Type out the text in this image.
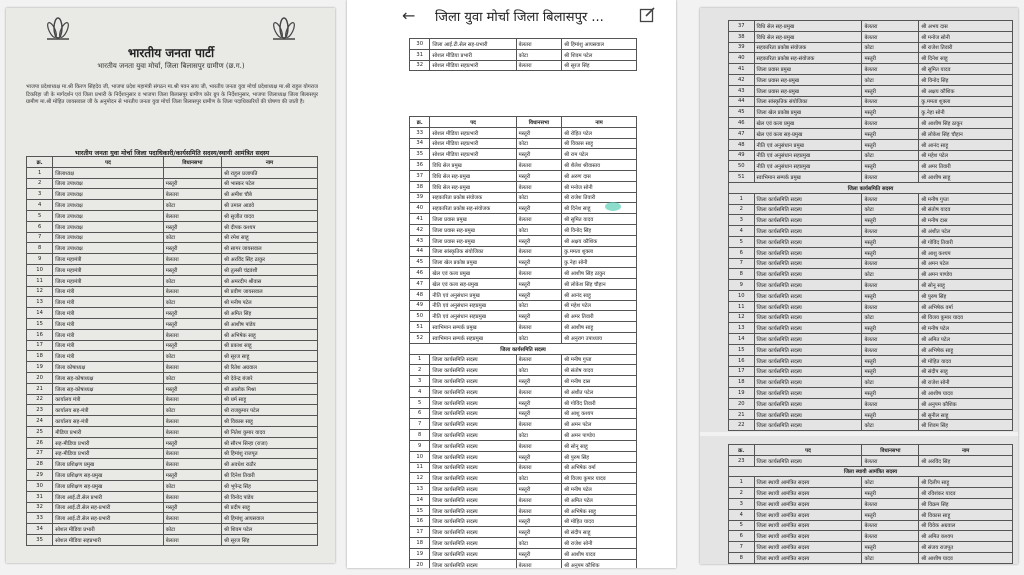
भारतीय जनता पार्टी
भारतीय जनता युवा मोर्चा, जिला बिलासपुर ग्रामीण (छ.ग.)
भाजपा प्रदेशाध्यक्ष मा.श्री किरण सिंहदेव जी, भाजपा प्रदेश महामंत्री संगठन मा.श्री पवन साय जी, भारतीय जनता युवा मोर्चा प्रदेशाध्यक्ष मा.श्री राहुल योगराज टिकरिहा जी के मार्गदर्शन एवं जिला प्रभारी के निर्देशानुसार व भाजपा जिला बिलासपुर ग्रामीण कोर ग्रुप के निर्देशानुसार, भाजपा जिलाध्यक्ष जिला बिलासपुर ग्रामीण मा.श्री मोहित जायसवाल जी के अनुमोदन से भारतीय जनता युवा मोर्चा जिला बिलासपुर ग्रामीण के जिला पदाधिकारियों की घोषणा की जाती है।
भारतीय जनता युवा मोर्चा जिला पदाधिकारी/कार्यसमिति सदस्य/स्थायी आमंत्रित सदस्य
क्र.	पद	विधानसभा	नाम
1	जिलाध्यक्ष		श्री राहुल प्रजापति
2	जिला उपाध्यक्ष	मस्तूरी	श्री भास्कर पटेल
3	जिला उपाध्यक्ष	बेलतरा	श्री अमीश चौबे
4	जिला उपाध्यक्ष	कोटा	श्री उमाल आडवे
5	जिला उपाध्यक्ष	बेलतरा	श्री सुजीत यादव
6	जिला उपाध्यक्ष	मस्तूरी	श्री दीपक कश्यप
7	जिला उपाध्यक्ष	कोटा	श्री रमेश साहू
8	जिला उपाध्यक्ष	मस्तूरी	श्री सागर जायसवाल
9	जिला महामंत्री	बेलतरा	श्री अरविंद सिंह ठाकुर
10	जिला महामंत्री	मस्तूरी	श्री तुलसी चंद्रवंशी
11	जिला महामंत्री	कोटा	श्री अमरदीप श्रीवास
12	जिला मंत्री	बेलतरा	श्री प्रवीण जायसवाल
13	जिला मंत्री	कोटा	श्री मनीष पटेल
14	जिला मंत्री	मस्तूरी	श्री अमित सिंह
15	जिला मंत्री	मस्तूरी	श्री आशीष पांडेय
16	जिला मंत्री	बेलतरा	श्री अभिषेक साहू
17	जिला मंत्री	मस्तूरी	श्री प्रकाश साहू
18	जिला मंत्री	कोटा	श्री सूरज साहू
19	जिला कोषाध्यक्ष	बेलतरा	श्री रितेश अग्रवाल
20	जिला सह-कोषाध्यक्ष	कोटा	श्री देवेन्द्र बंजारे
21	जिला सह-कोषाध्यक्ष	मस्तूरी	श्री आलोक मिश्रा
22	कार्यालय मंत्री	बेलतरा	श्री धर्म साहू
23	कार्यालय सह-मंत्री	कोटा	श्री राजकुमार पटेल
24	कार्यालय सह-मंत्री	बेलतरा	श्री विकास साहू
25	मीडिया प्रभारी	बेलतरा	श्री नितेश कुमार यादव
26	सह-मीडिया प्रभारी	मस्तूरी	श्री सौरभ सिन्हा (राजा)
27	सह-मीडिया प्रभारी	बेलतरा	श्री हिमांशु राजपूत
28	जिला प्रशिक्षण प्रमुख	बेलतरा	श्री अवधेश राठौर
29	जिला प्रशिक्षण सह-प्रमुख	मस्तूरी	श्री दिनेश तिवारी
30	जिला प्रशिक्षण सह-प्रमुख	कोटा	श्री भूपेन्द्र सिंह
31	जिला आई.टी.सेल प्रभारी	बेलतरा	श्री विनोद पांडेय
32	जिला आई.टी.सेल सह-प्रभारी	मस्तूरी	श्री प्रदीप साहू
33	जिला आई.टी.सेल सह-प्रभारी	बेलतरा	श्री हिमांशु आयसवाल
34	सोशल मीडिया प्रभारी	कोटा	श्री शिवम पटेल
35	सोशल मीडिया सहप्रभारी	बेलतरा	श्री सूरज सिंह
← जिला युवा मोर्चा जिला बिलासपुर ...
30	जिला आई.टी.सेल सह-प्रभारी	बेलतरा	श्री हिमांशु आयसवाल
31	सोशल मीडिया प्रभारी	कोटा	श्री शिवम पटेल
32	सोशल मीडिया सहप्रभारी	बेलतरा	श्री सूरज सिंह
क्र.	पद	विधानसभा	नाम
33	सोशल मीडिया सहप्रभारी	मस्तूरी	श्री रोहित पटेल
34	सोशल मीडिया सहप्रभारी	कोटा	श्री विकास साहू
35	सोशल मीडिया सहप्रभारी	मस्तूरी	श्री राम पटेल
36	विधि सेल प्रमुख	बेलतरा	श्री शैलेश श्रीवास्तव
37	विधि सेल सह-प्रमुख	मस्तूरी	श्री अरुण दास
38	विधि सेल सह-प्रमुख	बेलतरा	श्री मनोज सोनी
39	सहकारिता प्रकोष्ठ संयोजक	कोटा	श्री राजेश तिवारी
40	सहकारिता प्रकोष्ठ सह-संयोजक	मस्तूरी	श्री दिनेश साहू
41	जिला प्रवास प्रमुख	बेलतरा	श्री सुमित यादव
42	जिला प्रवास सह-प्रमुख	कोटा	श्री विनोद सिंह
43	जिला प्रवास सह-प्रमुख	मस्तूरी	श्री अक्षय कौशिक
44	जिला सांस्कृतिक संयोजिका	बेलतरा	कु.ममता शुक्ला
45	जिला खेल प्रकोष्ठ प्रमुख	मस्तूरी	कु.नेहा सोनी
46	खेल एवं कला प्रमुख	बेलतरा	श्री आशीष सिंह ठाकुर
47	खेल एवं कला सह-प्रमुख	मस्तूरी	श्री लोकेश सिंह चौहान
48	नीति एवं अनुसंधान प्रमुख	मस्तूरी	श्री आनंद साहू
49	नीति एवं अनुसंधान सहप्रमुख	कोटा	श्री महेश पटेल
50	नीति एवं अनुसंधान सहप्रमुख	मस्तूरी	श्री अमर तिवारी
51	स्वाभिमान सम्पर्क प्रमुख	बेलतरा	श्री आशीष साहू
52	स्वाभिमान सम्पर्क सहप्रमुख	कोटा	श्री अनुराग उपाध्याय
जिला कार्यसमिति सदस्य			
1	जिला कार्यसमिति सदस्य	बेलतरा	श्री मनीष गुप्ता
2	जिला कार्यसमिति सदस्य	कोटा	श्री संतोष यादव
3	जिला कार्यसमिति सदस्य	मस्तूरी	श्री मनीष दास
4	जिला कार्यसमिति सदस्य	बेलतरा	श्री अंशीत पटेल
5	जिला कार्यसमिति सदस्य	मस्तूरी	श्री गोविंद तिवारी
6	जिला कार्यसमिति सदस्य	मस्तूरी	श्री आशु कश्यप
7	जिला कार्यसमिति सदस्य	बेलतरा	श्री अमन पटेल
8	जिला कार्यसमिति सदस्य	कोटा	श्री अमन पाण्डेय
9	जिला कार्यसमिति सदस्य	बेलतरा	श्री सोनू साहू
10	जिला कार्यसमिति सदस्य	मस्तूरी	श्री पुरुष सिंह
11	जिला कार्यसमिति सदस्य	बेलतरा	श्री अभिषेक वर्मा
12	जिला कार्यसमिति सदस्य	कोटा	श्री विजय कुमार यादव
13	जिला कार्यसमिति सदस्य	मस्तूरी	श्री मनीष पटेल
14	जिला कार्यसमिति सदस्य	बेलतरा	श्री अमित पटेल
15	जिला कार्यसमिति सदस्य	बेलतरा	श्री अभिषेक साहू
16	जिला कार्यसमिति सदस्य	मस्तूरी	श्री मोहित यादव
17	जिला कार्यसमिति सदस्य	मस्तूरी	श्री संदीप साहू
18	जिला कार्यसमिति सदस्य	कोटा	श्री राजेश सोनी
19	जिला कार्यसमिति सदस्य	मस्तूरी	श्री आशीष यादव
20	जिला कार्यसमिति सदस्य	बेलतरा	श्री अनुपम कौशिक

37	विधि सेल सह-प्रमुख	बेलतरा	श्री अभय दास
38	विधि सेल सह-प्रमुख	बेलतरा	श्री मनोज सोनी
39	सहकारिता प्रकोष्ठ संयोजक	कोटा	श्री राजेश तिवारी
40	सहकारिता प्रकोष्ठ सह-संयोजक	मस्तूरी	श्री दिनेश साहू
41	जिला प्रवास प्रमुख	बेलतरा	श्री सुमित यादव
42	जिला प्रवास सह-प्रमुख	कोटा	श्री विनोद सिंह
43	जिला प्रवास सह-प्रमुख	मस्तूरी	श्री अक्षय कौशिक
44	जिला सांस्कृतिक संयोजिका	बेलतरा	कु.ममता शुक्ला
45	जिला खेल प्रकोष्ठ प्रमुख	मस्तूरी	कु.नेहा सोनी
46	खेल एवं कला प्रमुख	बेलतरा	श्री आशीष सिंह ठाकुर
47	खेल एवं कला सह-प्रमुख	मस्तूरी	श्री लोकेश सिंह चौहान
48	नीति एवं अनुसंधान प्रमुख	मस्तूरी	श्री आनंद साहू
49	नीति एवं अनुसंधान सहप्रमुख	कोटा	श्री महेश पटेल
50	नीति एवं अनुसंधान सहप्रमुख	मस्तूरी	श्री अमर तिवारी
51	स्वाभिमान सम्पर्क प्रमुख	बेलतरा	श्री आशीष साहू
जिला कार्यसमिति सदस्य			
1	जिला कार्यसमिति सदस्य	बेलतरा	श्री मनीष गुप्ता
2	जिला कार्यसमिति सदस्य	कोटा	श्री संतोष यादव
3	जिला कार्यसमिति सदस्य	मस्तूरी	श्री मनीष दास
4	जिला कार्यसमिति सदस्य	बेलतरा	श्री अंशीत पटेल
5	जिला कार्यसमिति सदस्य	मस्तूरी	श्री गोविंद तिवारी
6	जिला कार्यसमिति सदस्य	मस्तूरी	श्री आशु कश्यप
7	जिला कार्यसमिति सदस्य	बेलतरा	श्री अमन पटेल
8	जिला कार्यसमिति सदस्य	कोटा	श्री अमन पाण्डेय
9	जिला कार्यसमिति सदस्य	बेलतरा	श्री सोनू साहू
10	जिला कार्यसमिति सदस्य	मस्तूरी	श्री पुरुष सिंह
11	जिला कार्यसमिति सदस्य	बेलतरा	श्री अभिषेक वर्मा
12	जिला कार्यसमिति सदस्य	कोटा	श्री विजय कुमार यादव
13	जिला कार्यसमिति सदस्य	मस्तूरी	श्री मनीष पटेल
14	जिला कार्यसमिति सदस्य	बेलतरा	श्री अमित पटेल
15	जिला कार्यसमिति सदस्य	बेलतरा	श्री अभिषेक साहू
16	जिला कार्यसमिति सदस्य	मस्तूरी	श्री मोहित यादव
17	जिला कार्यसमिति सदस्य	मस्तूरी	श्री संदीप साहू
18	जिला कार्यसमिति सदस्य	कोटा	श्री राजेश सोनी
19	जिला कार्यसमिति सदस्य	मस्तूरी	श्री आशीष यादव
20	जिला कार्यसमिति सदस्य	बेलतरा	श्री अनुपम कौशिक
21	जिला कार्यसमिति सदस्य	मस्तूरी	श्री सुनील साहू
22	जिला कार्यसमिति सदस्य	कोटा	श्री शिवम सिंह
क्र.	पद	विधानसभा	नाम
23	जिला कार्यसमिति सदस्य	बेलतरा	श्री अरविंद सिंह
जिला स्थायी आमंत्रित सदस्य			
1	जिला स्थायी आमंत्रित सदस्य	कोटा	श्री दिलीप साहू
2	जिला स्थायी आमंत्रित सदस्य	मस्तूरी	श्री रविशंकर यादव
3	जिला स्थायी आमंत्रित सदस्य	बेलतरा	श्री विक्रम सिंह
4	जिला स्थायी आमंत्रित सदस्य	मस्तूरी	श्री विकास साहू
5	जिला स्थायी आमंत्रित सदस्य	बेलतरा	श्री विवेक अग्रवाल
6	जिला स्थायी आमंत्रित सदस्य	बेलतरा	श्री अमित कश्यप
7	जिला स्थायी आमंत्रित सदस्य	मस्तूरी	श्री संजय राजपूत
8	जिला स्थायी आमंत्रित सदस्य	कोटा	श्री आशीष यादव
